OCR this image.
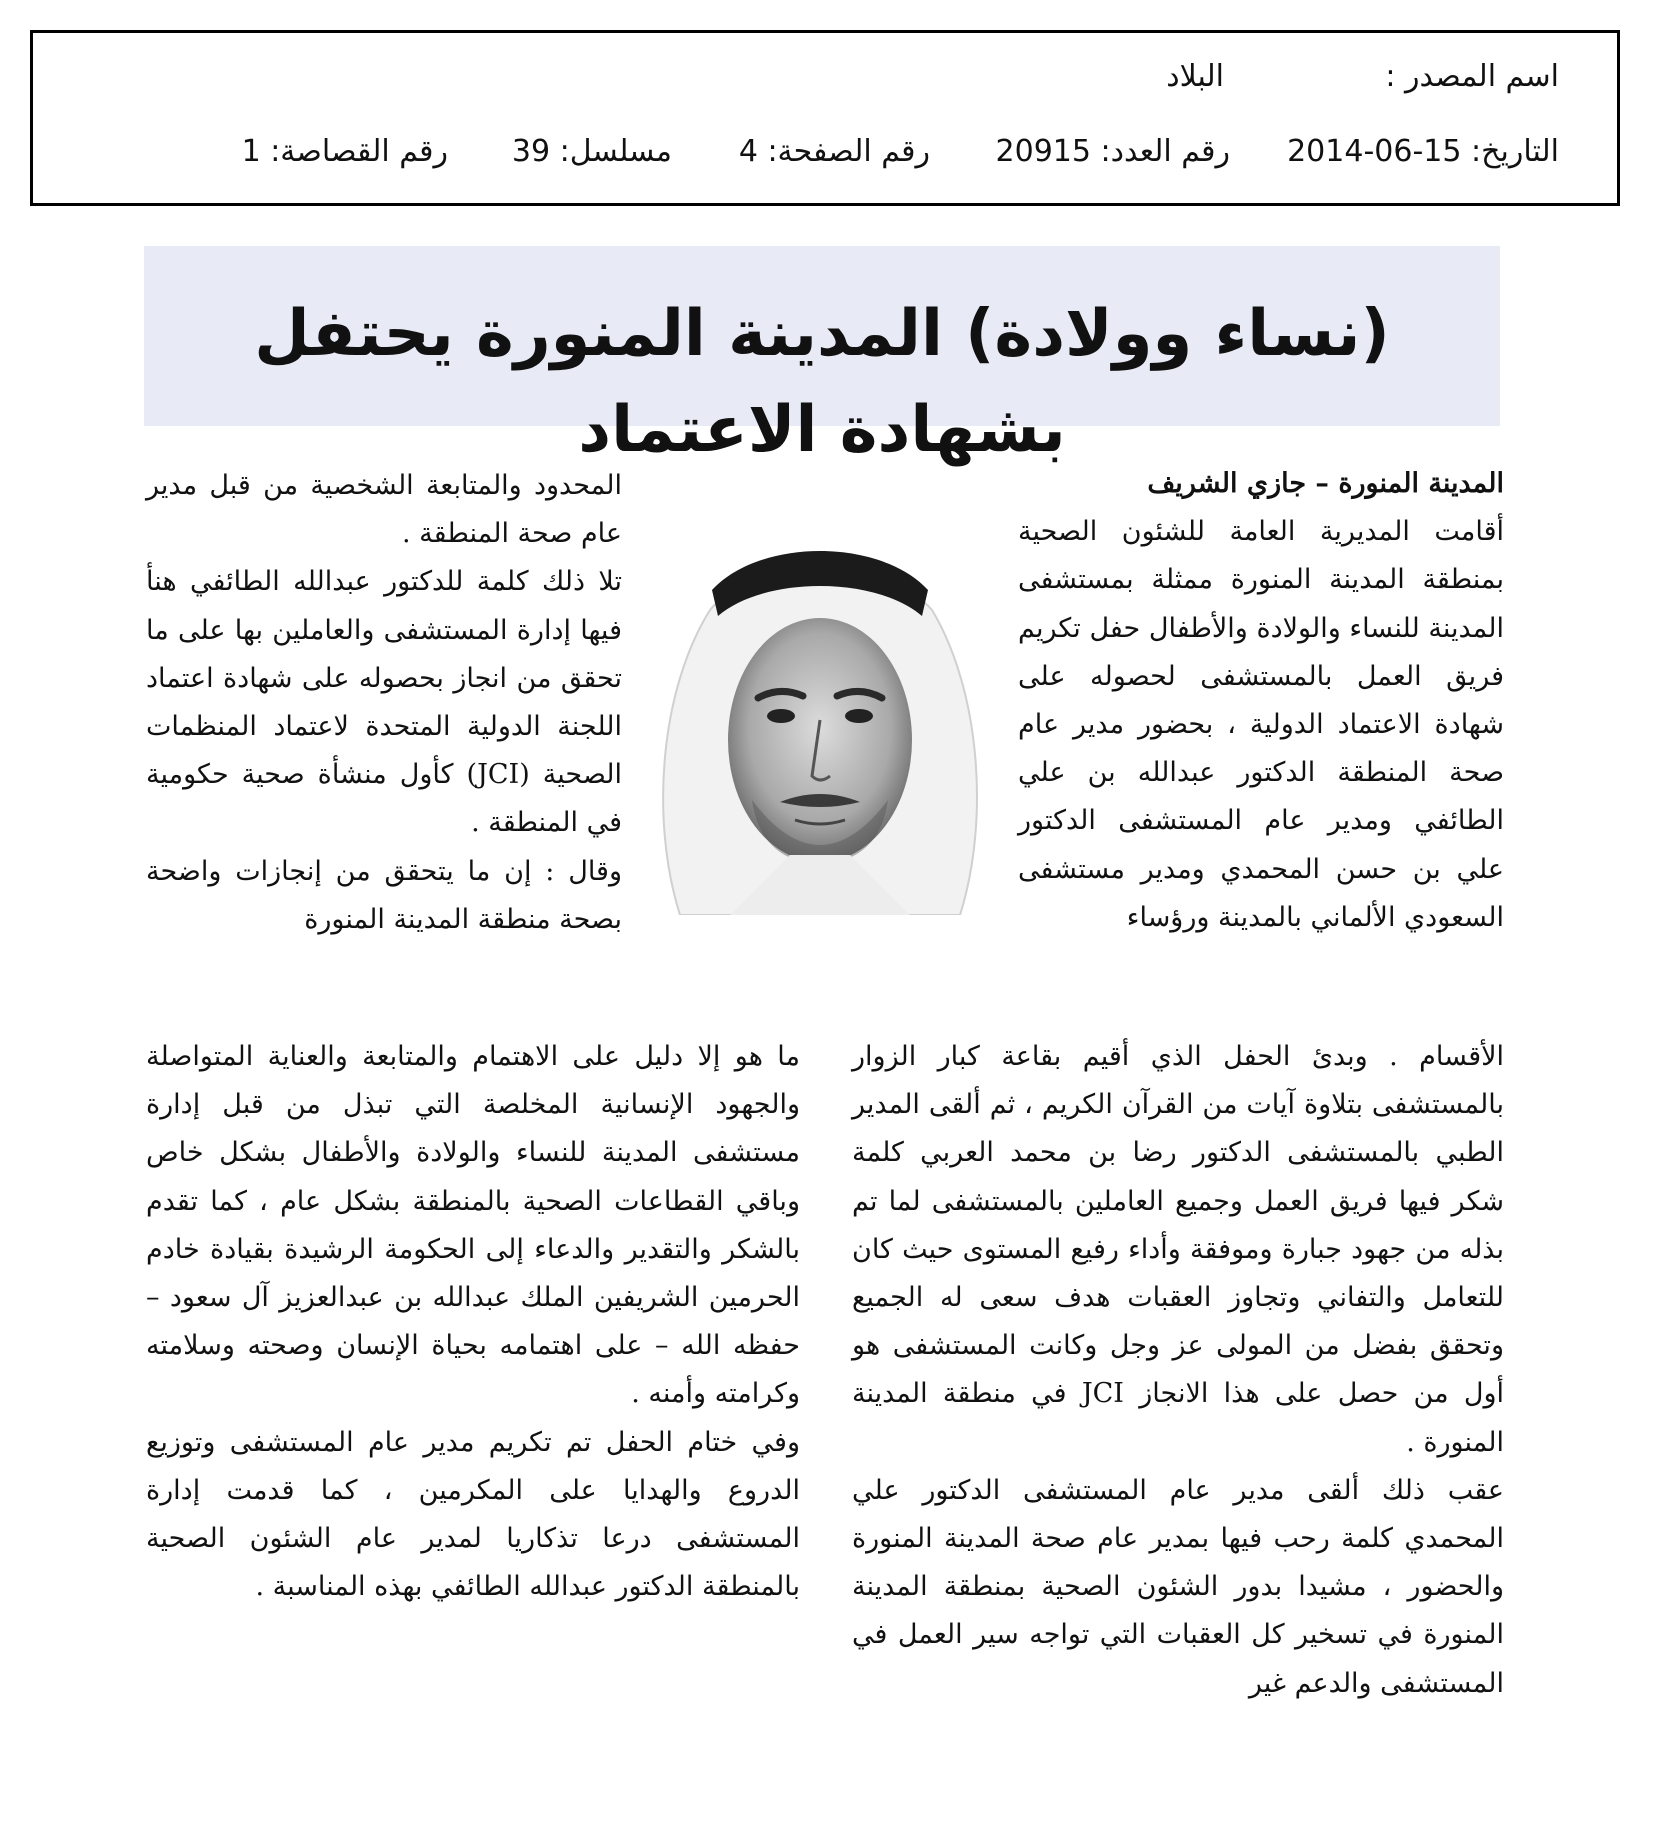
اسم المصدر :
البلاد
التاريخ: 15-06-2014
رقم العدد: 20915
رقم الصفحة: 4
مسلسل: 39
رقم القصاصة: 1
(نساء وولادة) المدينة المنورة يحتفل بشهادة الاعتماد

المدينة المنورة – جازي الشريف

أقامت المديرية العامة للشئون الصحية بمنطقة المدينة المنورة ممثلة بمستشفى المدينة للنساء والولادة والأطفال حفل تكريم فريق العمل بالمستشفى لحصوله على شهادة الاعتماد الدولية ، بحضور مدير عام صحة المنطقة الدكتور عبدالله بن علي الطائفي ومدير عام المستشفى الدكتور علي بن حسن المحمدي ومدير مستشفى السعودي الألماني بالمدينة ورؤساء

المحدود والمتابعة الشخصية من قبل مدير عام صحة المنطقة .

تلا ذلك كلمة للدكتور عبدالله الطائفي هنأ فيها إدارة المستشفى والعاملين بها على ما تحقق من انجاز بحصوله على شهادة اعتماد اللجنة الدولية المتحدة لاعتماد المنظمات الصحية (JCI) كأول منشأة صحية حكومية في المنطقة .

وقال : إن ما يتحقق من إنجازات واضحة بصحة منطقة المدينة المنورة

الأقسام . وبدئ الحفل الذي أقيم بقاعة كبار الزوار بالمستشفى بتلاوة آيات من القرآن الكريم ، ثم ألقى المدير الطبي بالمستشفى الدكتور رضا بن محمد العربي كلمة شكر فيها فريق العمل وجميع العاملين بالمستشفى لما تم بذله من جهود جبارة وموفقة وأداء رفيع المستوى حيث كان للتعامل والتفاني وتجاوز العقبات هدف سعى له الجميع وتحقق بفضل من المولى عز وجل وكانت المستشفى هو أول من حصل على هذا الانجاز JCI في منطقة المدينة المنورة .

عقب ذلك ألقى مدير عام المستشفى الدكتور علي المحمدي كلمة رحب فيها بمدير عام صحة المدينة المنورة والحضور ، مشيدا بدور الشئون الصحية بمنطقة المدينة المنورة في تسخير كل العقبات التي تواجه سير العمل في المستشفى والدعم غير

ما هو إلا دليل على الاهتمام والمتابعة والعناية المتواصلة والجهود الإنسانية المخلصة التي تبذل من قبل إدارة مستشفى المدينة للنساء والولادة والأطفال بشكل خاص وباقي القطاعات الصحية بالمنطقة بشكل عام ، كما تقدم بالشكر والتقدير والدعاء إلى الحكومة الرشيدة بقيادة خادم الحرمين الشريفين الملك عبدالله بن عبدالعزيز آل سعود – حفظه الله – على اهتمامه بحياة الإنسان وصحته وسلامته وكرامته وأمنه .

وفي ختام الحفل تم تكريم مدير عام المستشفى وتوزيع الدروع والهدايا على المكرمين ، كما قدمت إدارة المستشفى درعا تذكاريا لمدير عام الشئون الصحية بالمنطقة الدكتور عبدالله الطائفي بهذه المناسبة .
